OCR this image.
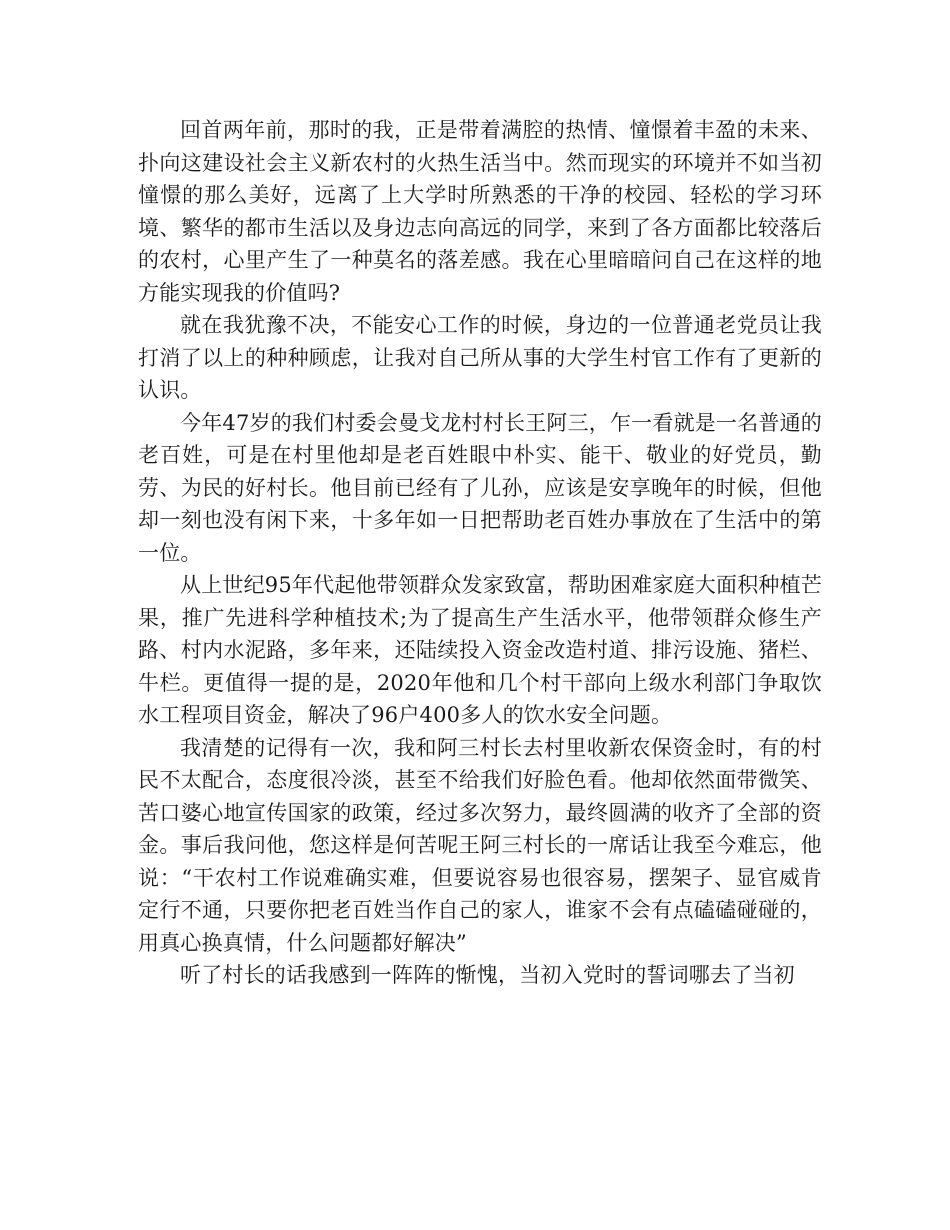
回首两年前，那时的我，正是带着满腔的热情、憧憬着丰盈的未来、扑向这建设社会主义新农村的火热生活当中。然而现实的环境并不如当初憧憬的那么美好，远离了上大学时所熟悉的干净的校园、轻松的学习环境、繁华的都市生活以及身边志向高远的同学，来到了各方面都比较落后的农村，心里产生了一种莫名的落差感。我在心里暗暗问自己在这样的地方能实现我的价值吗?

就在我犹豫不决，不能安心工作的时候，身边的一位普通老党员让我打消了以上的种种顾虑，让我对自己所从事的大学生村官工作有了更新的认识。

今年47岁的我们村委会曼戈龙村村长王阿三，乍一看就是一名普通的老百姓，可是在村里他却是老百姓眼中朴实、能干、敬业的好党员，勤劳、为民的好村长。他目前已经有了儿孙，应该是安享晚年的时候，但他却一刻也没有闲下来，十多年如一日把帮助老百姓办事放在了生活中的第一位。

从上世纪95年代起他带领群众发家致富，帮助困难家庭大面积种植芒果，推广先进科学种植技术;为了提高生产生活水平，他带领群众修生产路、村内水泥路，多年来，还陆续投入资金改造村道、排污设施、猪栏、牛栏。更值得一提的是，2020年他和几个村干部向上级水利部门争取饮水工程项目资金，解决了96户400多人的饮水安全问题。

我清楚的记得有一次，我和阿三村长去村里收新农保资金时，有的村民不太配合，态度很冷淡，甚至不给我们好脸色看。他却依然面带微笑、苦口婆心地宣传国家的政策，经过多次努力，最终圆满的收齐了全部的资金。事后我问他，您这样是何苦呢王阿三村长的一席话让我至今难忘，他说：“干农村工作说难确实难，但要说容易也很容易，摆架子、显官威肯定行不通，只要你把老百姓当作自己的家人，谁家不会有点磕磕碰碰的，用真心换真情，什么问题都好解决”

听了村长的话我感到一阵阵的惭愧，当初入党时的誓词哪去了当初
